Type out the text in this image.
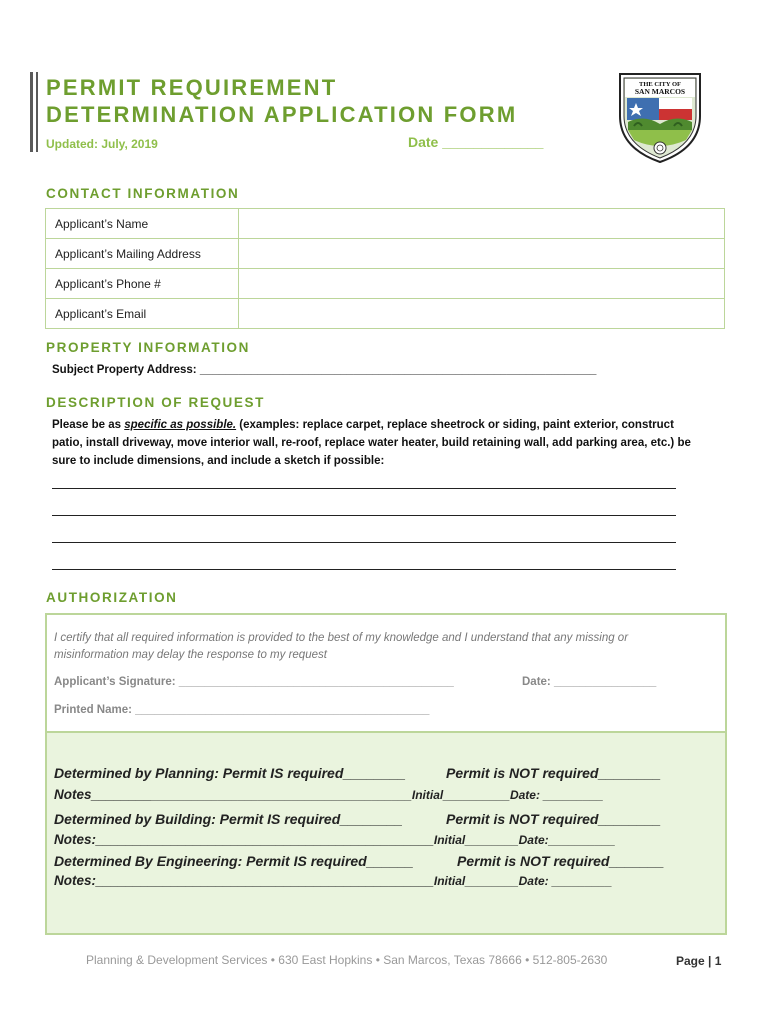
PERMIT REQUIREMENT
DETERMINATION APPLICATION FORM
Updated: July, 2019	Date _____________
THE CITY OF
SAN MARCOS
CONTACT INFORMATION
Applicant’s Name	
Applicant’s Mailing Address	
Applicant’s Phone #	
Applicant’s Email	
PROPERTY INFORMATION
Subject Property Address: ______________________________________________________________
DESCRIPTION OF REQUEST
Please be as specific as possible. (examples: replace carpet, replace sheetrock or siding, paint exterior, construct patio, install driveway, move interior wall, re-roof, replace water heater, build retaining wall, add parking area, etc.) be sure to include dimensions, and include a sketch if possible:
AUTHORIZATION
I certify that all required information is provided to the best of my knowledge and I understand that any missing or misinformation may delay the response to my request
Applicant’s Signature: ___________________________________________	Date: ________________
Printed Name: ______________________________________________
Determined by Planning: Permit IS required________	Permit is NOT required________
Notes_______________________________________________Initial__________Date: _________
Determined by Building: Permit IS required________	Permit is NOT required________
Notes:_____________________________________________Initial________Date:__________
Determined By Engineering: Permit IS required______	Permit is NOT required_______
Notes:_____________________________________________Initial________Date: _________
Planning & Development Services • 630 East Hopkins • San Marcos, Texas 78666 • 512-805-2630	Page | 1
